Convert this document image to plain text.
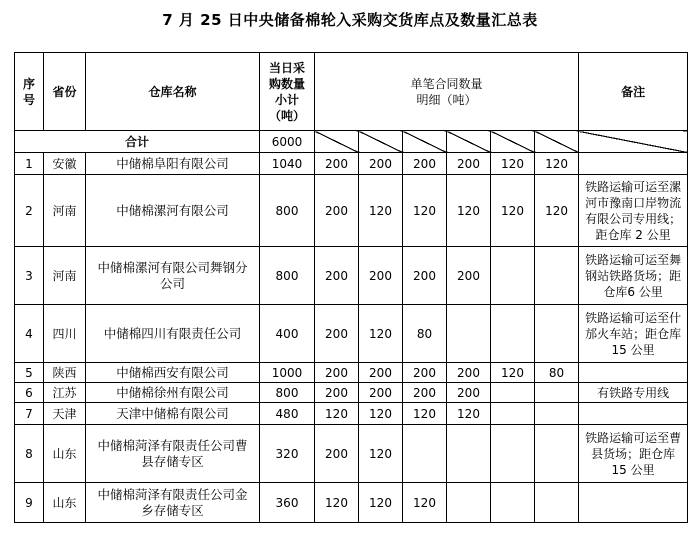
7 月 25 日中央储备棉轮入采购交货库点及数量汇总表
序号	省份	仓库名称	当日采购数量小计（吨）	单笔合同数量明细（吨）						备注
合计			6000							
1	安徽	中储棉阜阳有限公司	1040	200	200	200	200	120	120	
2	河南	中储棉漯河有限公司	800	200	120	120	120	120	120	铁路运输可运至漯河市豫南口岸物流有限公司专用线；距仓库 2 公里
3	河南	中储棉漯河有限公司舞钢分公司	800	200	200	200	200			铁路运输可运至舞钢站铁路货场；距仓库6 公里
4	四川	中储棉四川有限责任公司	400	200	120	80				铁路运输可运至什邡火车站；距仓库 15 公里
5	陕西	中储棉西安有限公司	1000	200	200	200	200	120	80	
6	江苏	中储棉徐州有限公司	800	200	200	200	200			有铁路专用线
7	天津	天津中储棉有限公司	480	120	120	120	120			
8	山东	中储棉菏泽有限责任公司曹县存储专区	320	200	120					铁路运输可运至曹县货场；距仓库 15 公里
9	山东	中储棉菏泽有限责任公司金乡存储专区	360	120	120	120				
